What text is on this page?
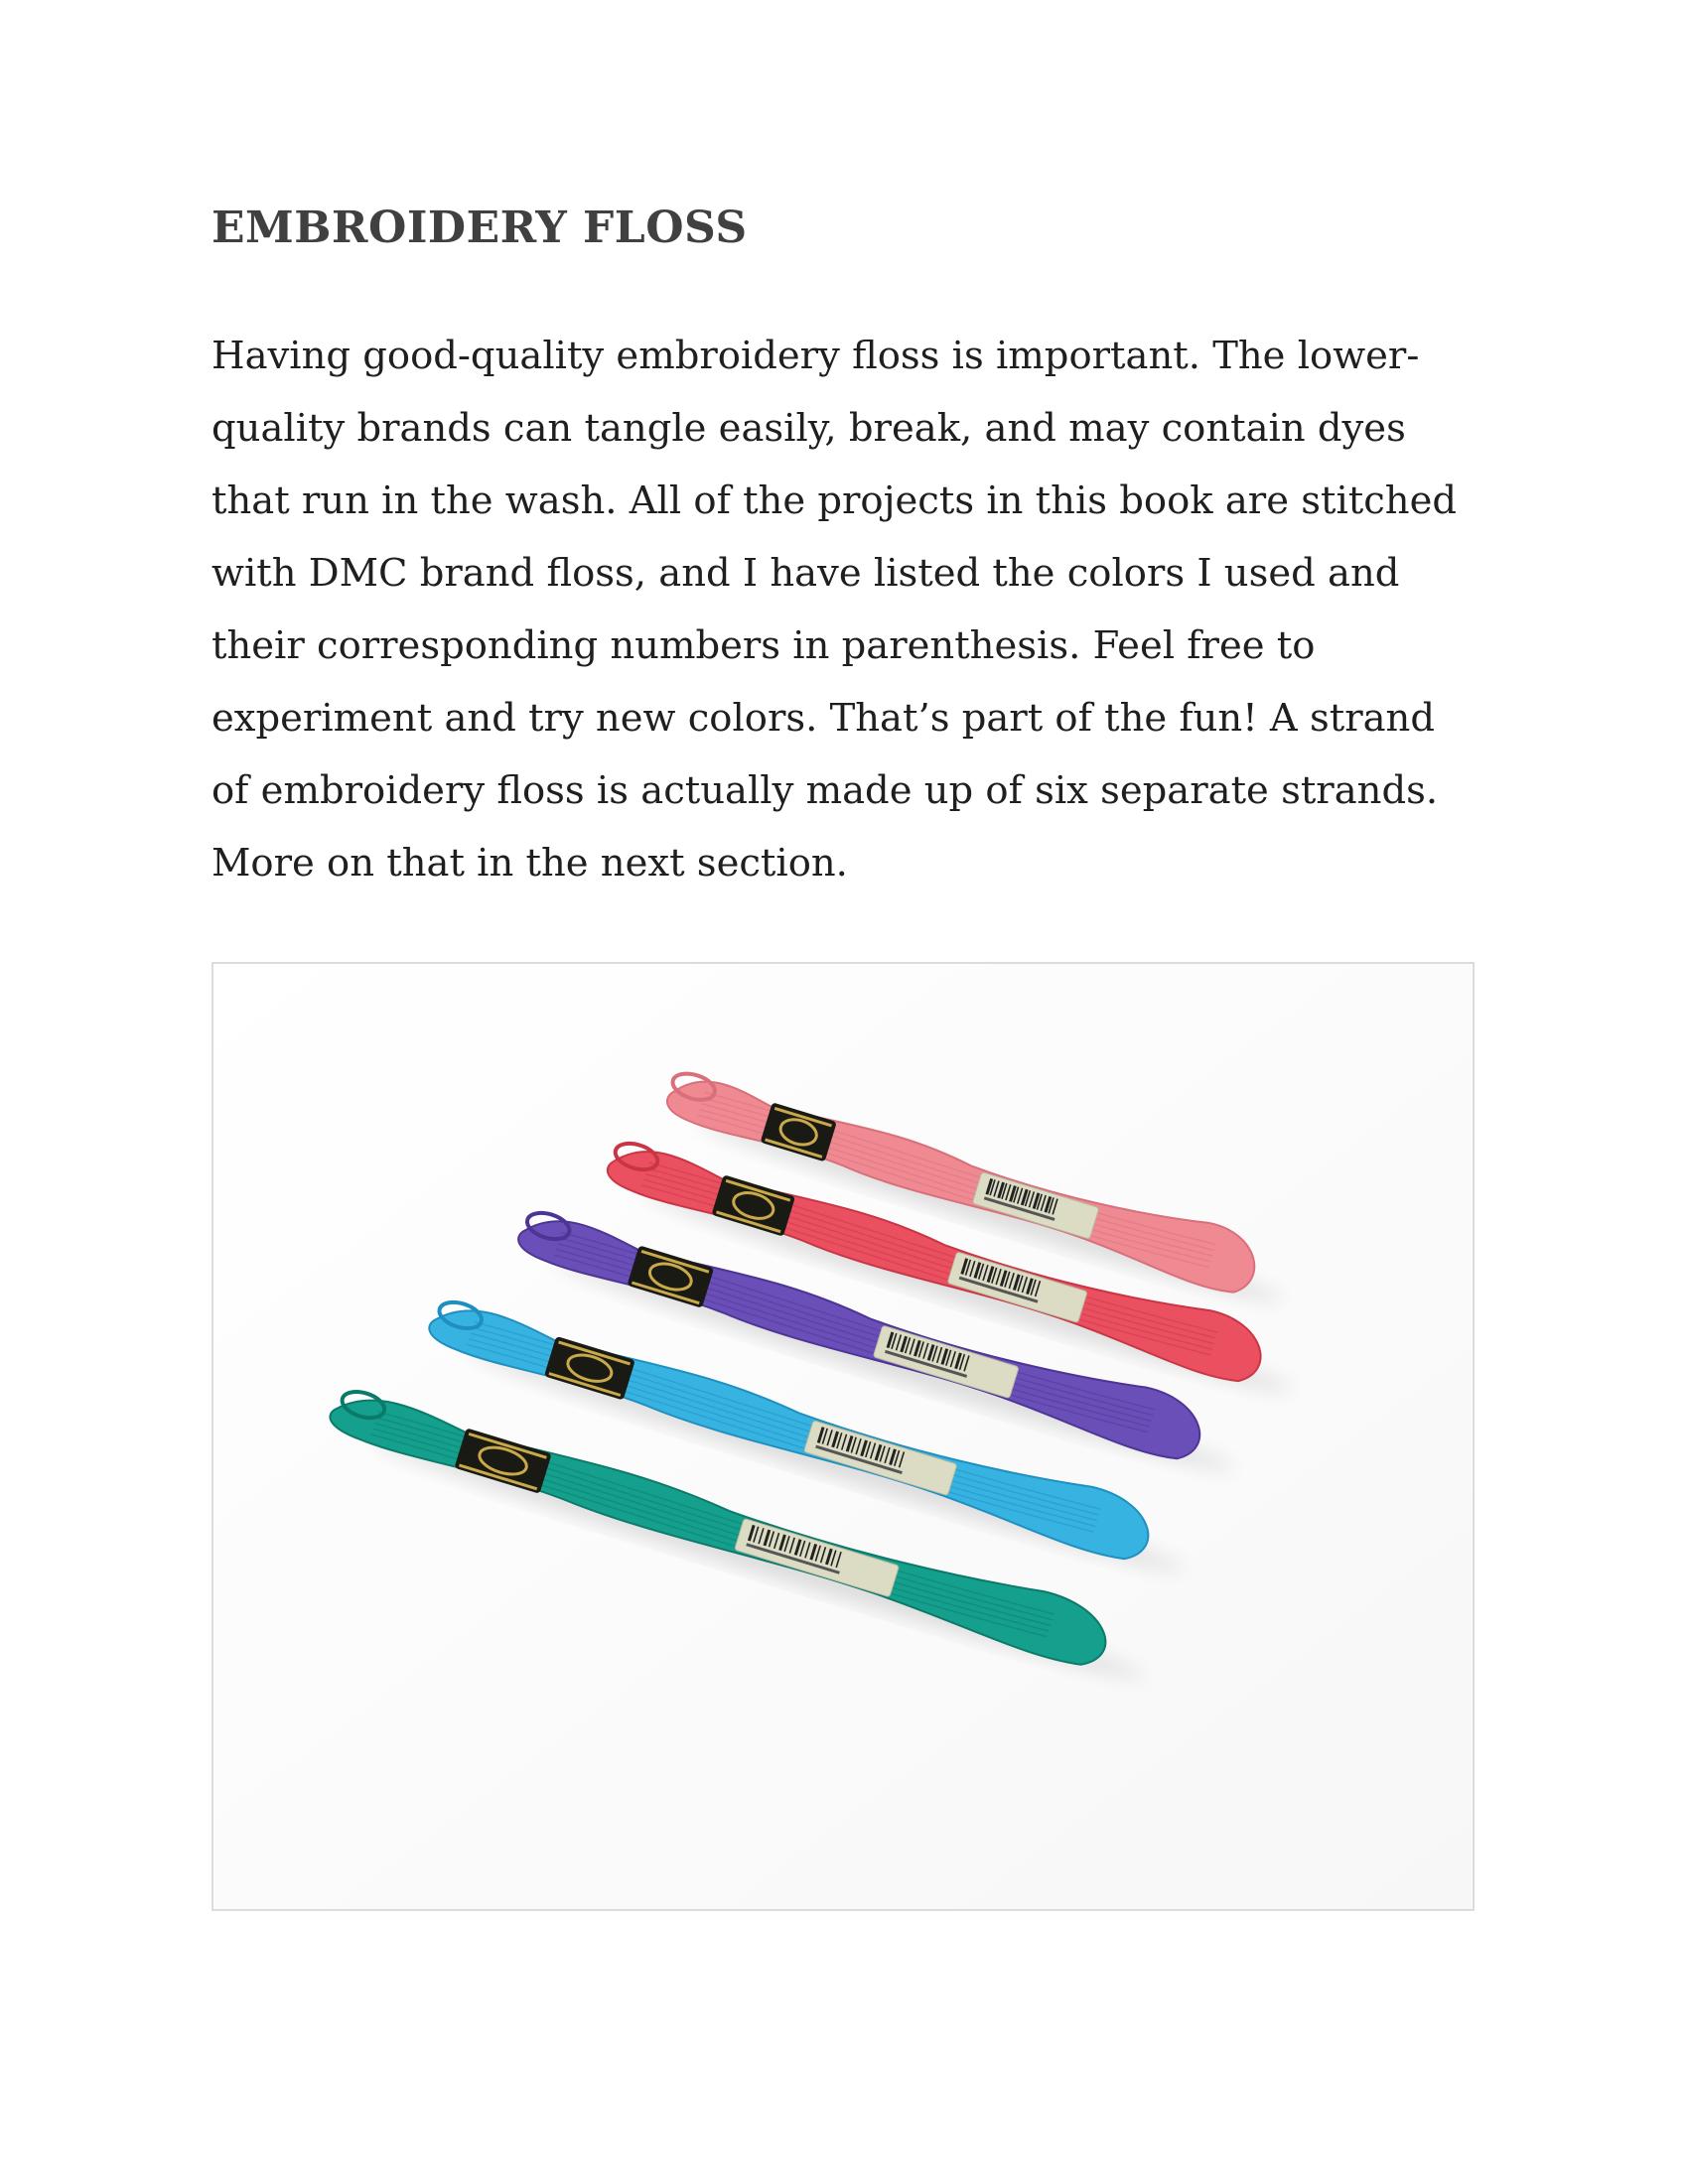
EMBROIDERY FLOSS

Having good-quality embroidery floss is important. The lower-
quality brands can tangle easily, break, and may contain dyes
that run in the wash. All of the projects in this book are stitched
with DMC brand floss, and I have listed the colors I used and
their corresponding numbers in parenthesis. Feel free to
experiment and try new colors. That’s part of the fun! A strand
of embroidery floss is actually made up of six separate strands.
More on that in the next section.
